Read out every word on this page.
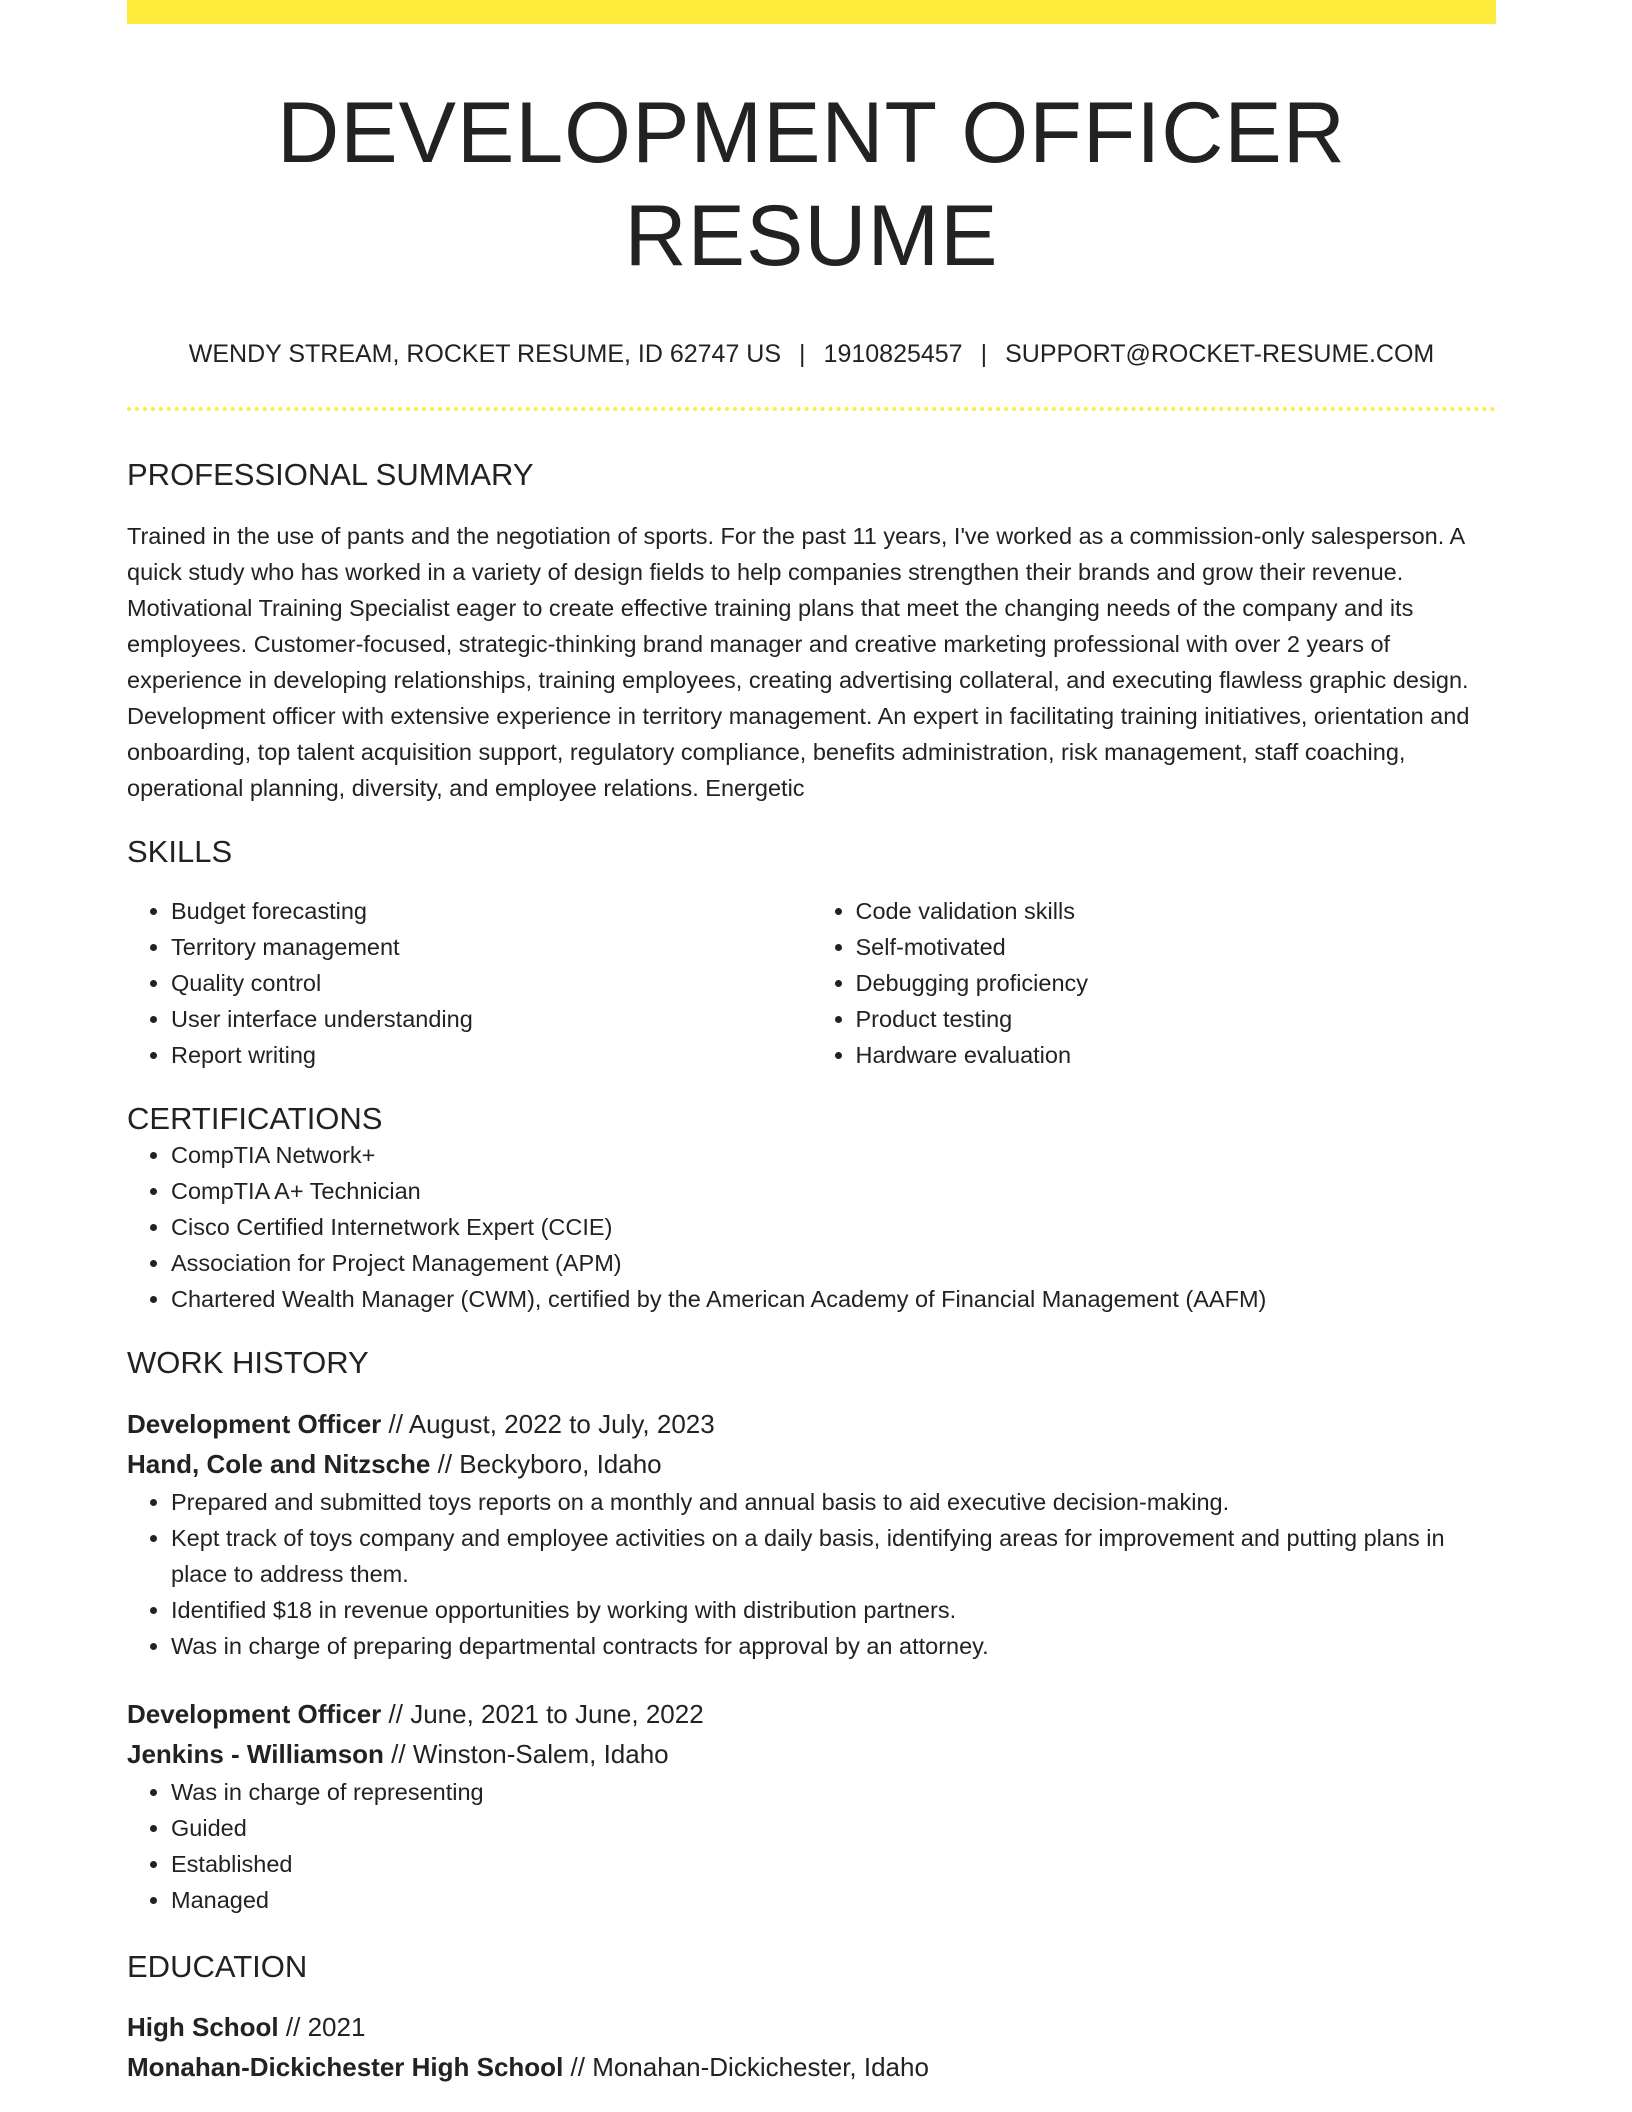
DEVELOPMENT OFFICER RESUME
WENDY STREAM, ROCKET RESUME, ID 62747 US | 1910825457 | SUPPORT@ROCKET-RESUME.COM
PROFESSIONAL SUMMARY
Trained in the use of pants and the negotiation of sports. For the past 11 years, I've worked as a commission-only salesperson. A quick study who has worked in a variety of design fields to help companies strengthen their brands and grow their revenue. Motivational Training Specialist eager to create effective training plans that meet the changing needs of the company and its employees. Customer-focused, strategic-thinking brand manager and creative marketing professional with over 2 years of experience in developing relationships, training employees, creating advertising collateral, and executing flawless graphic design. Development officer with extensive experience in territory management. An expert in facilitating training initiatives, orientation and onboarding, top talent acquisition support, regulatory compliance, benefits administration, risk management, staff coaching, operational planning, diversity, and employee relations. Energetic
SKILLS
• Budget forecasting
• Territory management
• Quality control
• User interface understanding
• Report writing
• Code validation skills
• Self-motivated
• Debugging proficiency
• Product testing
• Hardware evaluation
CERTIFICATIONS
• CompTIA Network+
• CompTIA A+ Technician
• Cisco Certified Internetwork Expert (CCIE)
• Association for Project Management (APM)
• Chartered Wealth Manager (CWM), certified by the American Academy of Financial Management (AAFM)
WORK HISTORY
Development Officer // August, 2022 to July, 2023
Hand, Cole and Nitzsche // Beckyboro, Idaho
• Prepared and submitted toys reports on a monthly and annual basis to aid executive decision-making.
• Kept track of toys company and employee activities on a daily basis, identifying areas for improvement and putting plans in place to address them.
• Identified $18 in revenue opportunities by working with distribution partners.
• Was in charge of preparing departmental contracts for approval by an attorney.
Development Officer // June, 2021 to June, 2022
Jenkins - Williamson // Winston-Salem, Idaho
• Was in charge of representing
• Guided
• Established
• Managed
EDUCATION
High School // 2021
Monahan-Dickichester High School // Monahan-Dickichester, Idaho
